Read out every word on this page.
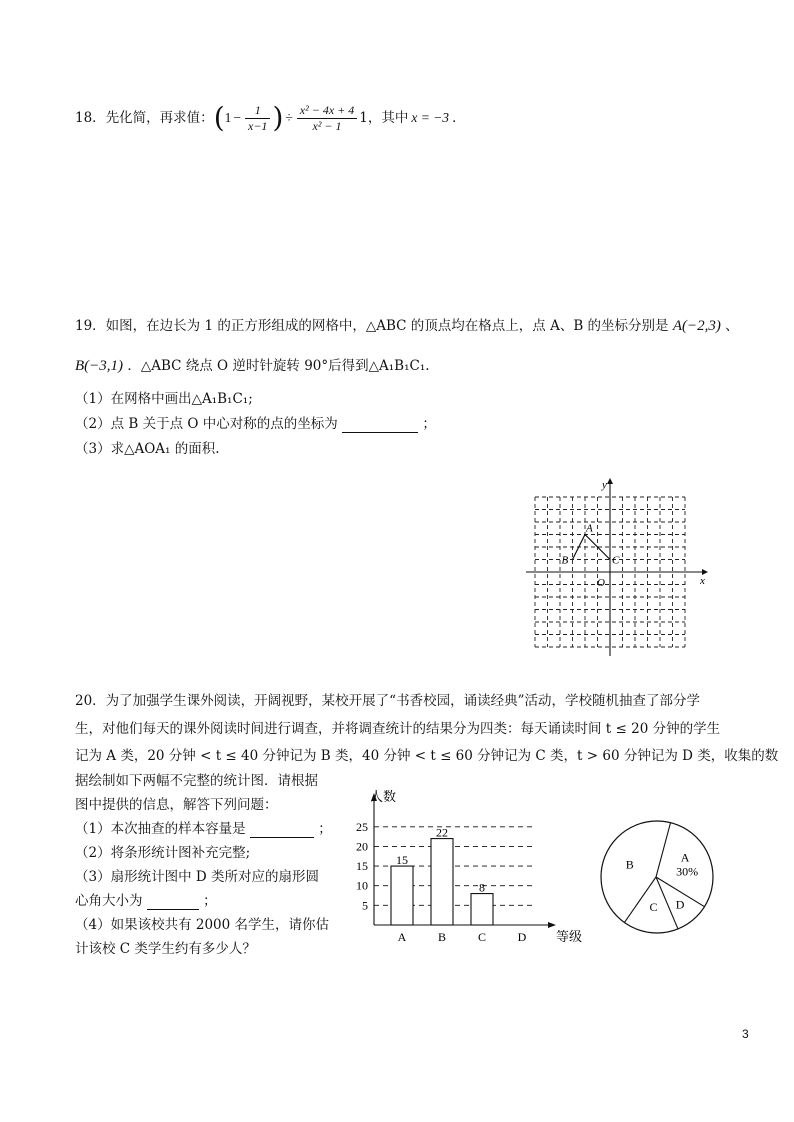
18． 先化简，再求值： ( $1 - \frac{1}{x-1}$ ) ÷ $\frac{\text{x² − 4x + 4}}{\text{x² − 1}} 1$，其中 x = −3 ．
19．如图，在边长为 1 的正方形组成的网格中，△ABC 的顶点均在格点上，点 A、B 的坐标分别是 A(−2,3) 、
B(−3,1) ．△ABC 绕点 O 逆时针旋转 90°后得到△A₁B₁C₁.
（1）在网格中画出△A₁B₁C₁;
（2）点 B 关于点 O 中心对称的点的坐标为	；
（3）求△AOA₁ 的面积.
y
x
O
A
B	C
20．为了加强学生课外阅读，开阔视野，某校开展了“书香校园，诵读经典”活动，学校随机抽查了部分学
生，对他们每天的课外阅读时间进行调查，并将调查统计的结果分为四类：每天诵读时间 t ≤ 20 分钟的学生
记为 A 类，20 分钟 < t ≤ 40 分钟记为 B 类，40 分钟 < t ≤ 60 分钟记为 C 类，t > 60 分钟记为 D 类，收集的数
据绘制如下两幅不完整的统计图．请根据
图中提供的信息，解答下列问题：
（1）本次抽查的样本容量是	；
（2）将条形统计图补充完整;
（3）扇形统计图中 D 类所对应的扇形圆
心角大小为	；
（4）如果该校共有 2000 名学生，请你估
计该校 C 类学生约有多少人？
人数
等级
5
10
15
20
25
15
A
22
B
8
C	D
A
30%
D
C
B
3
